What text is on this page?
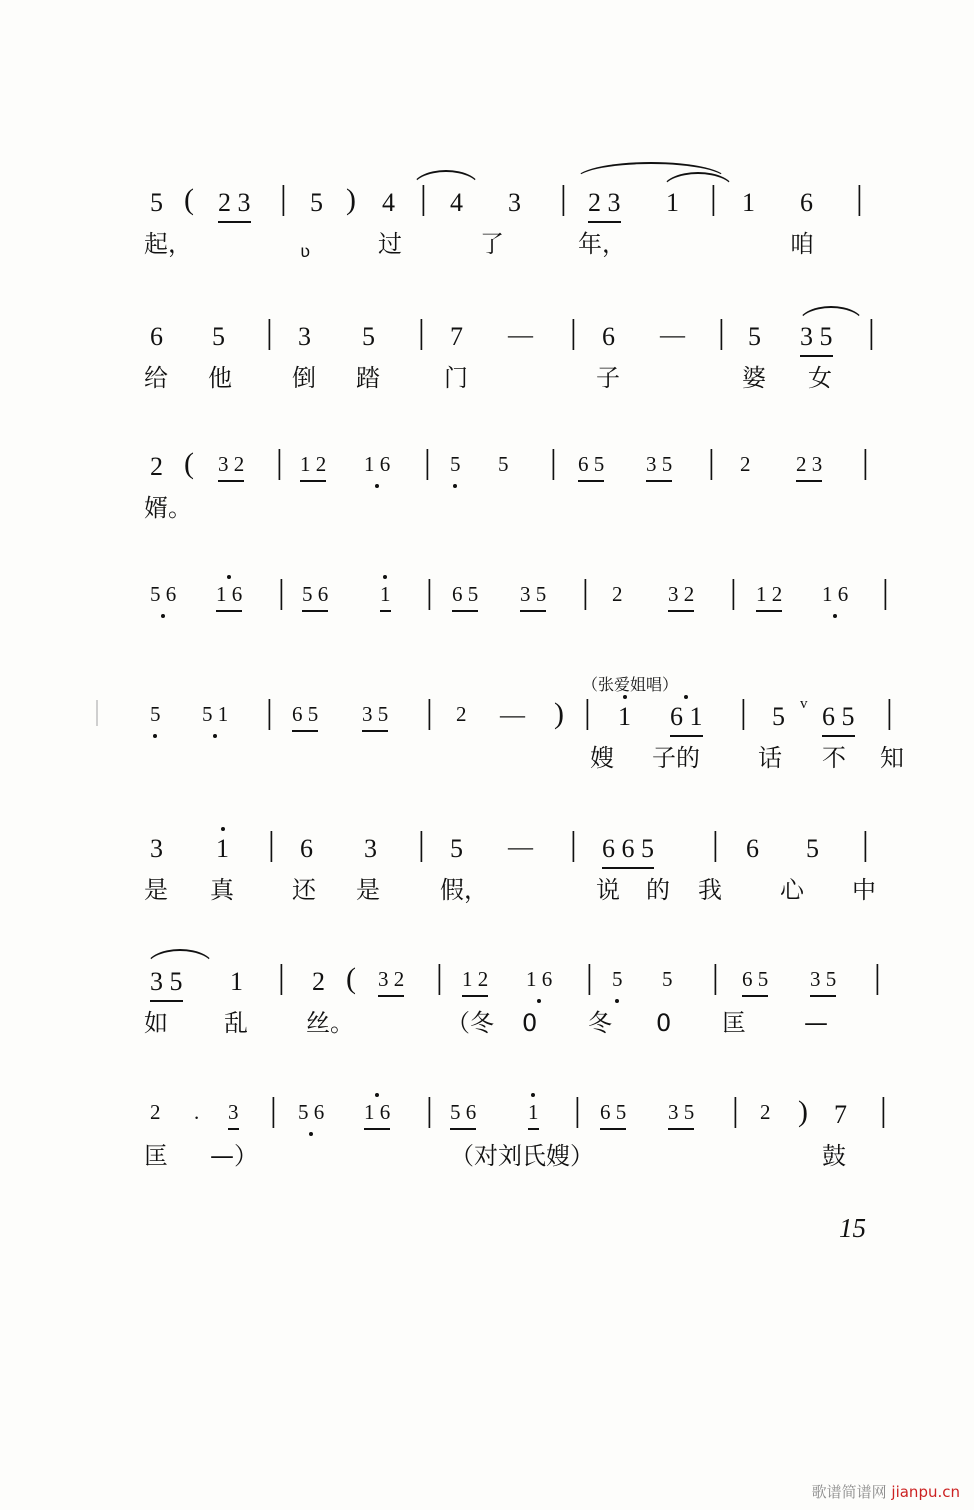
5 ( 2 3 | 5 ) 4 | 4 3 | 2 3 1 | 1 6 |
起，	ʋ	过	了	年，	咱
6 5 | 3 5 | 7 — | 6 — | 5 3 5 |
给 他	倒 踏	门	子	婆 女
2 ( 3 2 | 1 2 1 6 | 5 5 | 6 5 3 5 | 2 2 3 |
婿。
5 6 1 6 | 5 6 1 | 6 5 3 5 | 2 3 2 | 1 2 1 6 |
（张爱姐唱）
5 5 1 | 6 5 3 5 | 2 — ) | 1 6 1 | 5 v 6 5 |
嫂 子的 话 不 知
3 1 | 6 3 | 5 — | 6 6 5 | 6 5 |
是 真 还 是	假，	说 的 我 心 中
3 5 1 | 2 ( 3 2 | 1 2 1 6 | 5 5 | 6 5 3 5 |
如 乱 丝。	（冬 0 冬 0 匡 —
2 . 3 | 5 6 1 6 | 5 6 1 | 6 5 3 5 | 2 ) 7 |
匡 —）	（对刘氏嫂）	鼓
15
歌谱简谱网 jianpu.cn
